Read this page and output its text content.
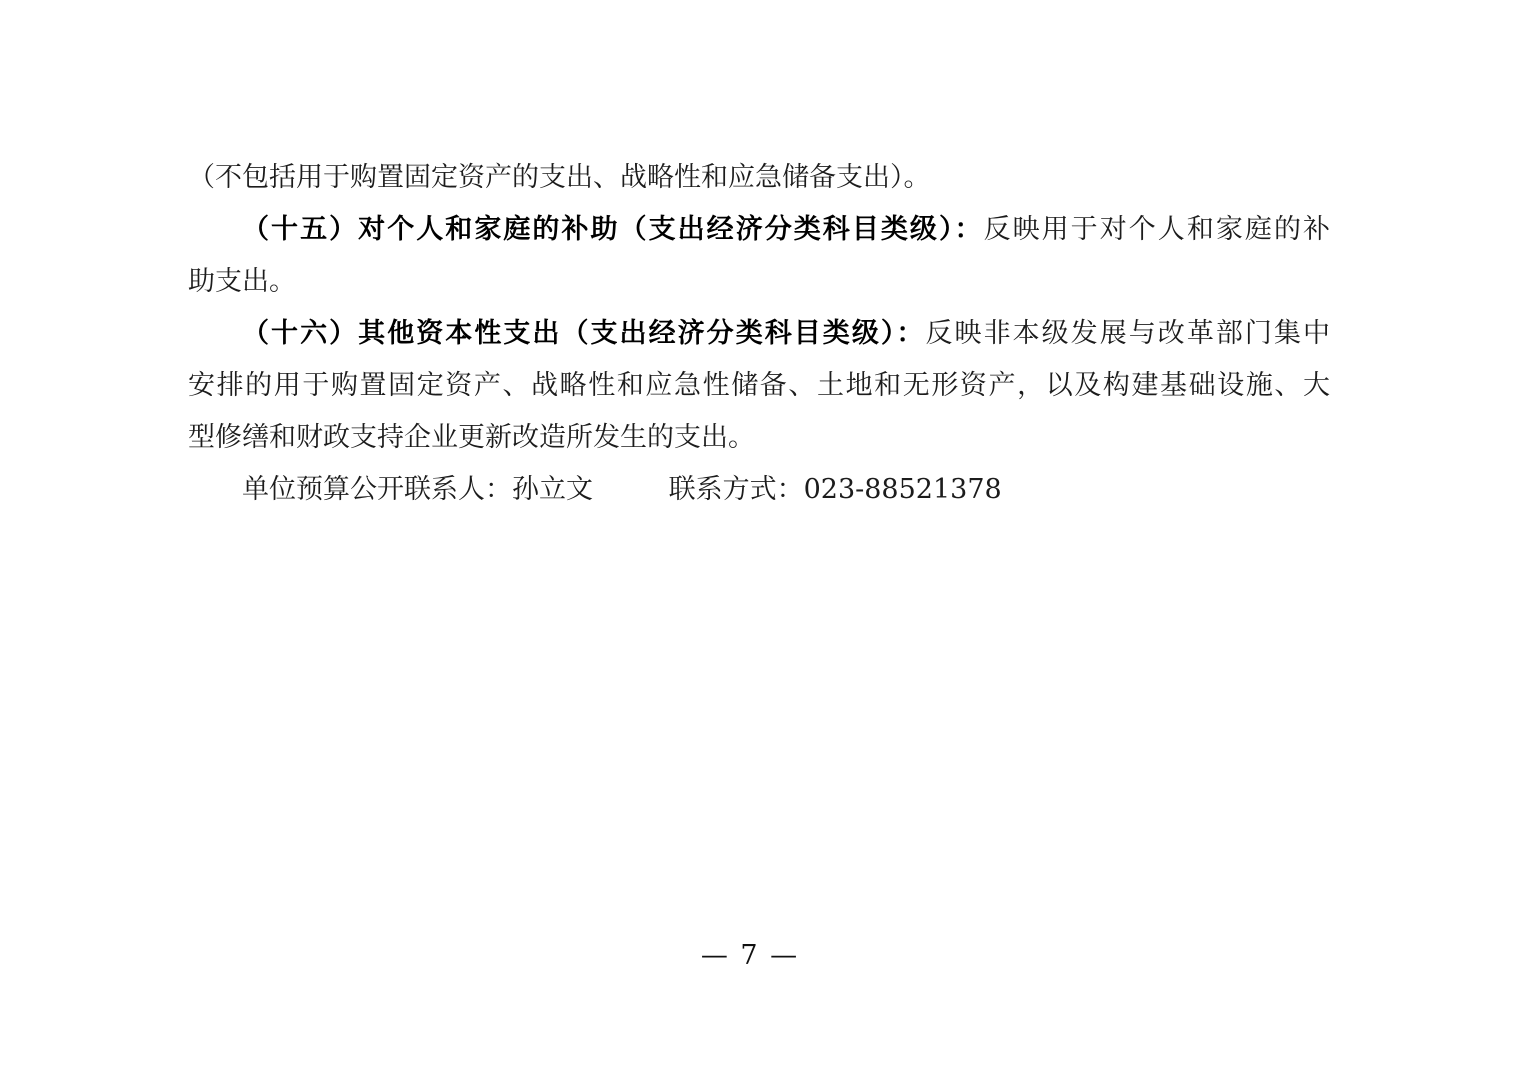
（不包括用于购置固定资产的支出、战略性和应急储备支出）。
（十五）对个人和家庭的补助（支出经济分类科目类级）：反映用于对个人和家庭的补
助支出。
（十六）其他资本性支出（支出经济分类科目类级）：反映非本级发展与改革部门集中
安排的用于购置固定资产、战略性和应急性储备、土地和无形资产，以及构建基础设施、大
型修缮和财政支持企业更新改造所发生的支出。
单位预算公开联系人：孙立文	联系方式：023-88521378
— 7 —
